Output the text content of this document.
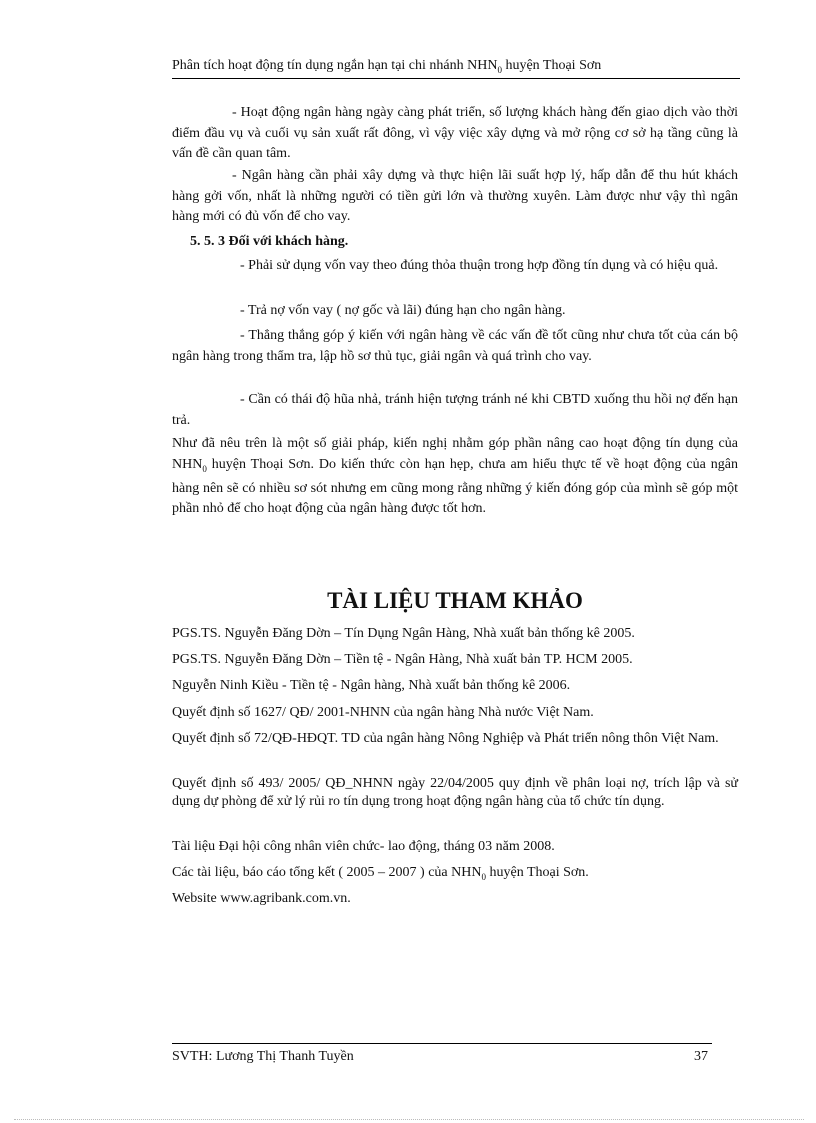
Phân tích hoạt động tín dụng ngắn hạn tại chi nhánh $NHN_0$ huyện Thoại Sơn
- Hoạt động ngân hàng ngày càng phát triển, số lượng khách hàng đến giao dịch vào thời điểm đầu vụ và cuối vụ sản xuất rất đông, vì vậy việc xây dựng và mở rộng cơ sở hạ tầng cũng là vấn đề cần quan tâm.
- Ngân hàng cần phải xây dựng và thực hiện lãi suất hợp lý, hấp dẫn để thu hút khách hàng gởi vốn, nhất là những người có tiền gửi lớn và thường xuyên. Làm được như vậy thì ngân hàng mới có đủ vốn để cho vay.
5. 5. 3 Đối với khách hàng.
- Phải sử dụng vốn vay theo đúng thỏa thuận trong hợp đồng tín dụng và có hiệu quả.
- Trả nợ vốn vay ( nợ gốc và lãi) đúng hạn cho ngân hàng.
- Thẳng thắng góp ý kiến với ngân hàng về các vấn đề tốt cũng như chưa tốt của cán bộ ngân hàng trong thẩm tra, lập hồ sơ thủ tục, giải ngân và quá trình cho vay.
- Cần có thái độ hũa nhả, tránh hiện tượng tránh né khi CBTD xuống thu hồi nợ đến hạn trả.
Như đã nêu trên là một số giải pháp, kiến nghị nhằm góp phần nâng cao hoạt động tín dụng của $NHN_0$ huyện Thoại Sơn. Do kiến thức còn hạn hẹp, chưa am hiểu thực tế về hoạt động của ngân hàng nên sẽ có nhiều sơ sót nhưng em cũng mong rằng những ý kiến đóng góp của mình sẽ góp một phần nhỏ để cho hoạt động của ngân hàng được tốt hơn.
TÀI LIỆU THAM KHẢO
PGS.TS. Nguyễn Đăng Dờn – Tín Dụng Ngân Hàng, Nhà xuất bản thống kê 2005.
PGS.TS. Nguyễn Đăng Dờn – Tiền tệ - Ngân Hàng, Nhà xuất bản TP. HCM 2005.
Nguyễn Ninh Kiều - Tiền tệ - Ngân hàng, Nhà xuất bản thống kê 2006.
Quyết định số 1627/ QĐ/ 2001-NHNN của ngân hàng Nhà nước Việt Nam.
Quyết định số 72/QĐ-HĐQT. TD của ngân hàng Nông Nghiệp và Phát triển nông thôn Việt Nam.
Quyết định số 493/ 2005/ QĐ_NHNN ngày 22/04/2005 quy định về phân loại nợ, trích lập và sử dụng dự phòng để xử lý rủi ro tín dụng trong hoạt động ngân hàng của tổ chức tín dụng.
Tài liệu Đại hội công nhân viên chức- lao động, tháng 03 năm 2008.
Các tài liệu, báo cáo tổng kết ( 2005 – 2007 ) của $NHN_0$ huyện Thoại Sơn.
Website www.agribank.com.vn.
SVTH: Lương Thị Thanh Tuyền	37
